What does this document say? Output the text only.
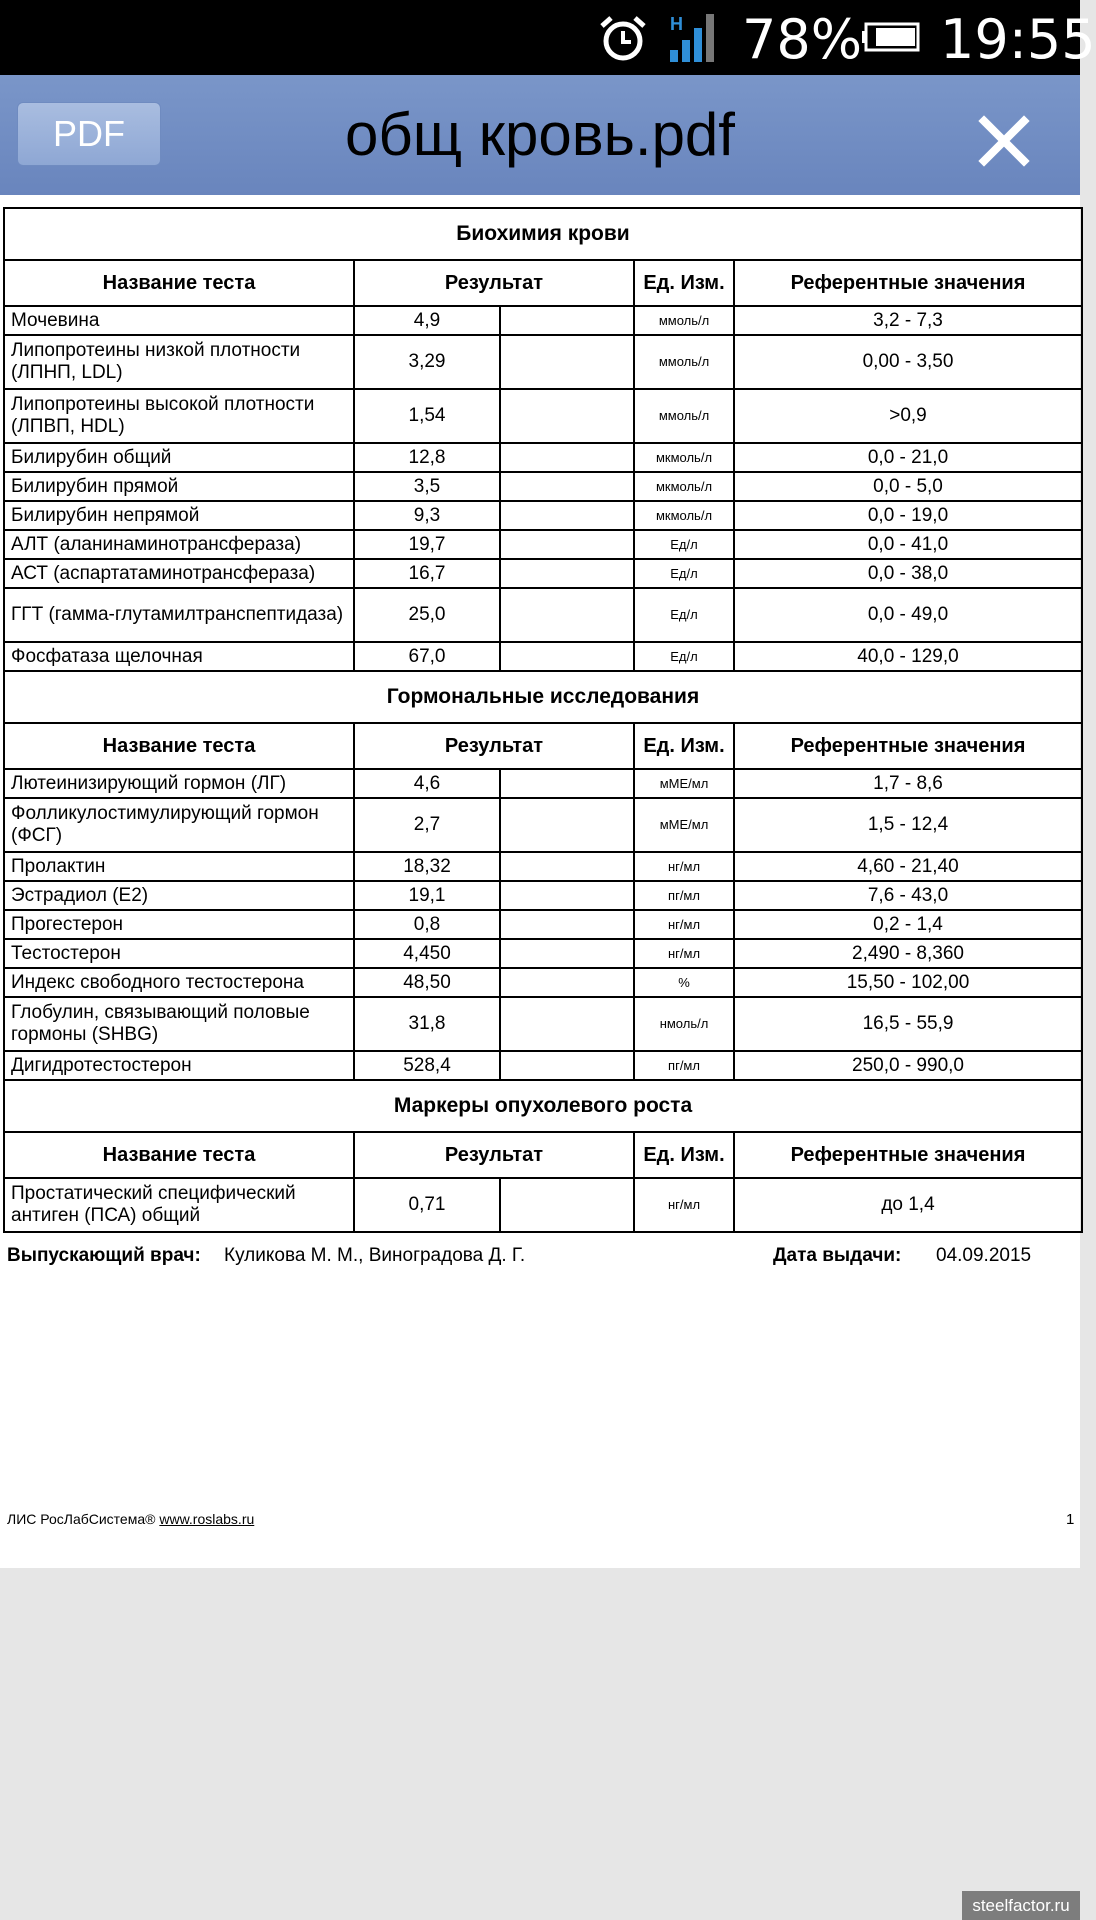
H 78% 19:55
PDF	общ кровь.pdf
Биохимия крови				
Название теста	Результат		Ед. Изм.	Референтные значения
Мочевина	4,9		ммоль/л	3,2 - 7,3
Липопротеины низкой плотности (ЛПНП, LDL)	3,29		ммоль/л	0,00 - 3,50
Липопротеины высокой плотности (ЛПВП, HDL)	1,54		ммоль/л	>0,9
Билирубин общий	12,8		мкмоль/л	0,0 - 21,0
Билирубин прямой	3,5		мкмоль/л	0,0 - 5,0
Билирубин непрямой	9,3		мкмоль/л	0,0 - 19,0
АЛТ (аланинаминотрансфераза)	19,7		Ед/л	0,0 - 41,0
АСТ (аспартатаминотрансфераза)	16,7		Ед/л	0,0 - 38,0
ГГТ (гамма-глутамилтранспептидаза)	25,0		Ед/л	0,0 - 49,0
Фосфатаза щелочная	67,0		Ед/л	40,0 - 129,0
Гормональные исследования				
Название теста	Результат		Ед. Изм.	Референтные значения
Лютеинизирующий гормон (ЛГ)	4,6		мМЕ/мл	1,7 - 8,6
Фолликулостимулирующий гормон (ФСГ)	2,7		мМЕ/мл	1,5 - 12,4
Пролактин	18,32		нг/мл	4,60 - 21,40
Эстрадиол (Е2)	19,1		пг/мл	7,6 - 43,0
Прогестерон	0,8		нг/мл	0,2 - 1,4
Тестостерон	4,450		нг/мл	2,490 - 8,360
Индекс свободного тестостерона	48,50		%	15,50 - 102,00
Глобулин, связывающий половые гормоны (SHBG)	31,8		нмоль/л	16,5 - 55,9
Дигидротестостерон	528,4		пг/мл	250,0 - 990,0
Маркеры опухолевого роста				
Название теста	Результат		Ед. Изм.	Референтные значения
Простатический специфический антиген (ПСА) общий	0,71		нг/мл	до 1,4
Выпускающий врач: Куликова М. М., Виноградова Д. Г.	Дата выдачи: 04.09.2015
ЛИС РосЛабСистема® www.roslabs.ru	1
steelfactor.ru
